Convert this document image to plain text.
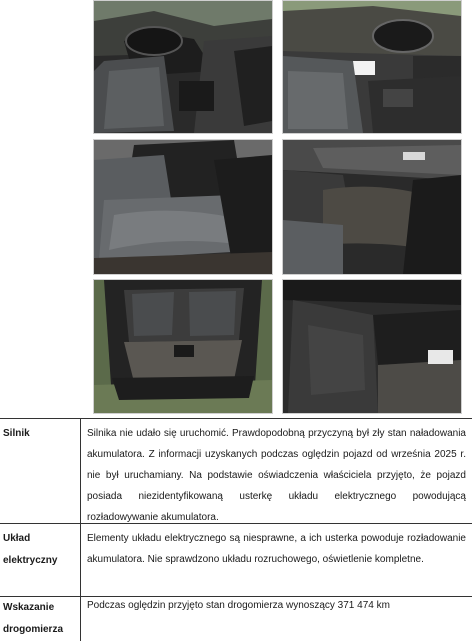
Silnik	Silnika nie udało się uruchomić. Prawdopodobną przyczyną był zły stan naładowania akumulatora. Z informacji uzyskanych podczas oględzin pojazd od września 2025 r. nie był uruchamiany. Na podstawie oświadczenia właściciela przyjęto, że pojazd posiada niezidentyfikowaną usterkę układu elektrycznego powodującą rozładowywanie akumulatora.
Układ
elektryczny
Elementy układu elektrycznego są niesprawne, a ich usterka powoduje rozładowanie akumulatora. Nie sprawdzono układu rozruchowego, oświetlenie kompletne.
Wskazanie
drogomierza
Podczas oględzin przyjęto stan drogomierza wynoszący 371 474 km
